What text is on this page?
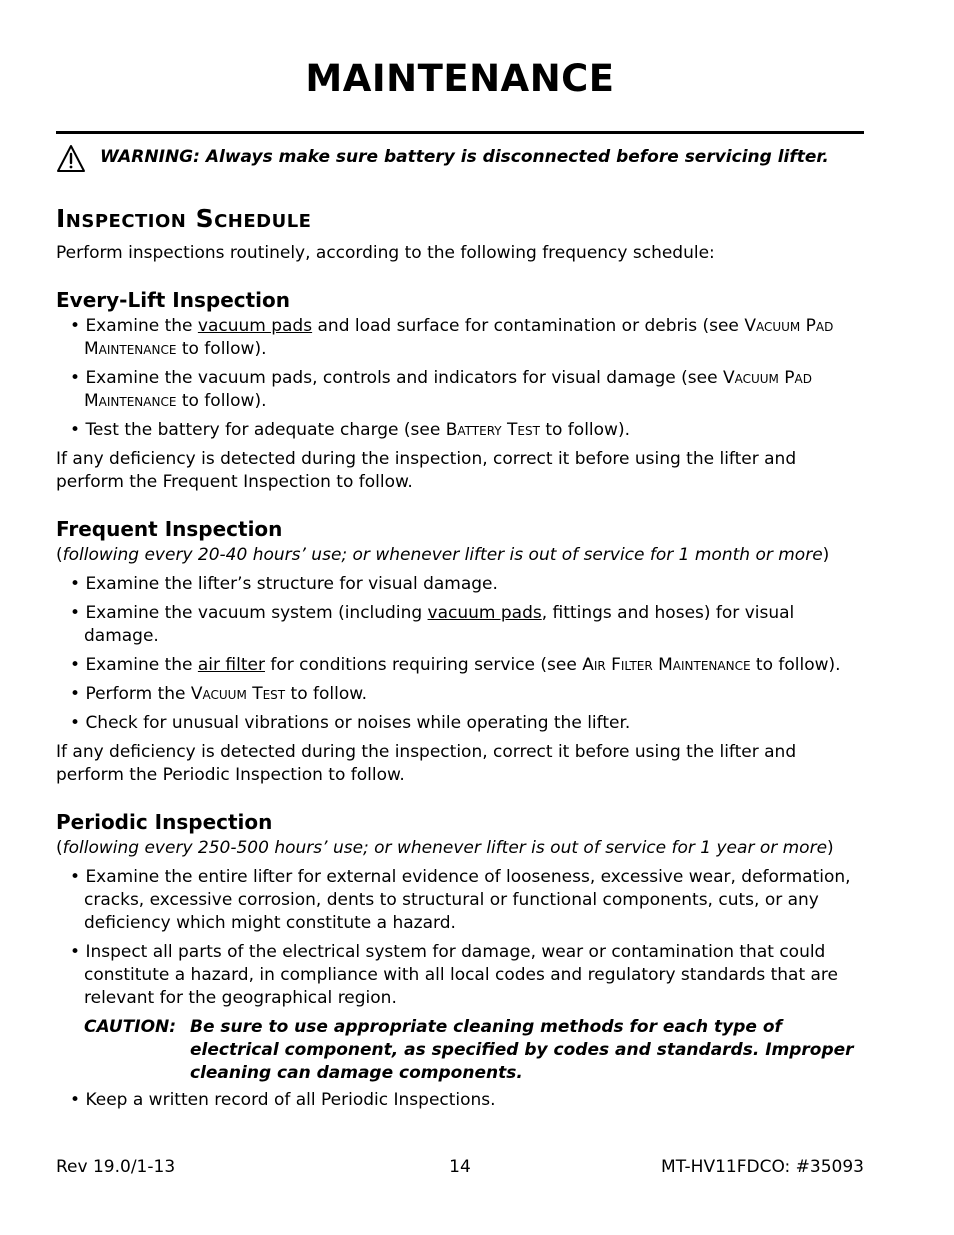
MAINTENANCE
WARNING: Always make sure battery is disconnected before servicing lifter.
Inspection Schedule

Perform inspections routinely, according to the following frequency schedule:

Every-Lift Inspection

• Examine the vacuum pads and load surface for contamination or debris (see Vacuum Pad Maintenance to follow).

• Examine the vacuum pads, controls and indicators for visual damage (see Vacuum Pad Maintenance to follow).

• Test the battery for adequate charge (see Battery Test to follow).

If any deficiency is detected during the inspection, correct it before using the lifter and perform the Frequent Inspection to follow.

Frequent Inspection

(following every 20-40 hours’ use; or whenever lifter is out of service for 1 month or more)

• Examine the lifter’s structure for visual damage.

• Examine the vacuum system (including vacuum pads, fittings and hoses) for visual damage.

• Examine the air filter for conditions requiring service (see Air Filter Maintenance to follow).

• Perform the Vacuum Test to follow.

• Check for unusual vibrations or noises while operating the lifter.

If any deficiency is detected during the inspection, correct it before using the lifter and perform the Periodic Inspection to follow.

Periodic Inspection

(following every 250-500 hours’ use; or whenever lifter is out of service for 1 year or more)

• Examine the entire lifter for external evidence of looseness, excessive wear, deformation, cracks, excessive corrosion, dents to structural or functional components, cuts, or any deficiency which might constitute a hazard.

• Inspect all parts of the electrical system for damage, wear or contamination that could constitute a hazard, in compliance with all local codes and regulatory standards that are relevant for the geographical region.

CAUTION: Be sure to use appropriate cleaning methods for each type of electrical component, as specified by codes and standards. Improper cleaning can damage components.

• Keep a written record of all Periodic Inspections.

Rev 19.0/1-13	14	MT-HV11FDCO: #35093
